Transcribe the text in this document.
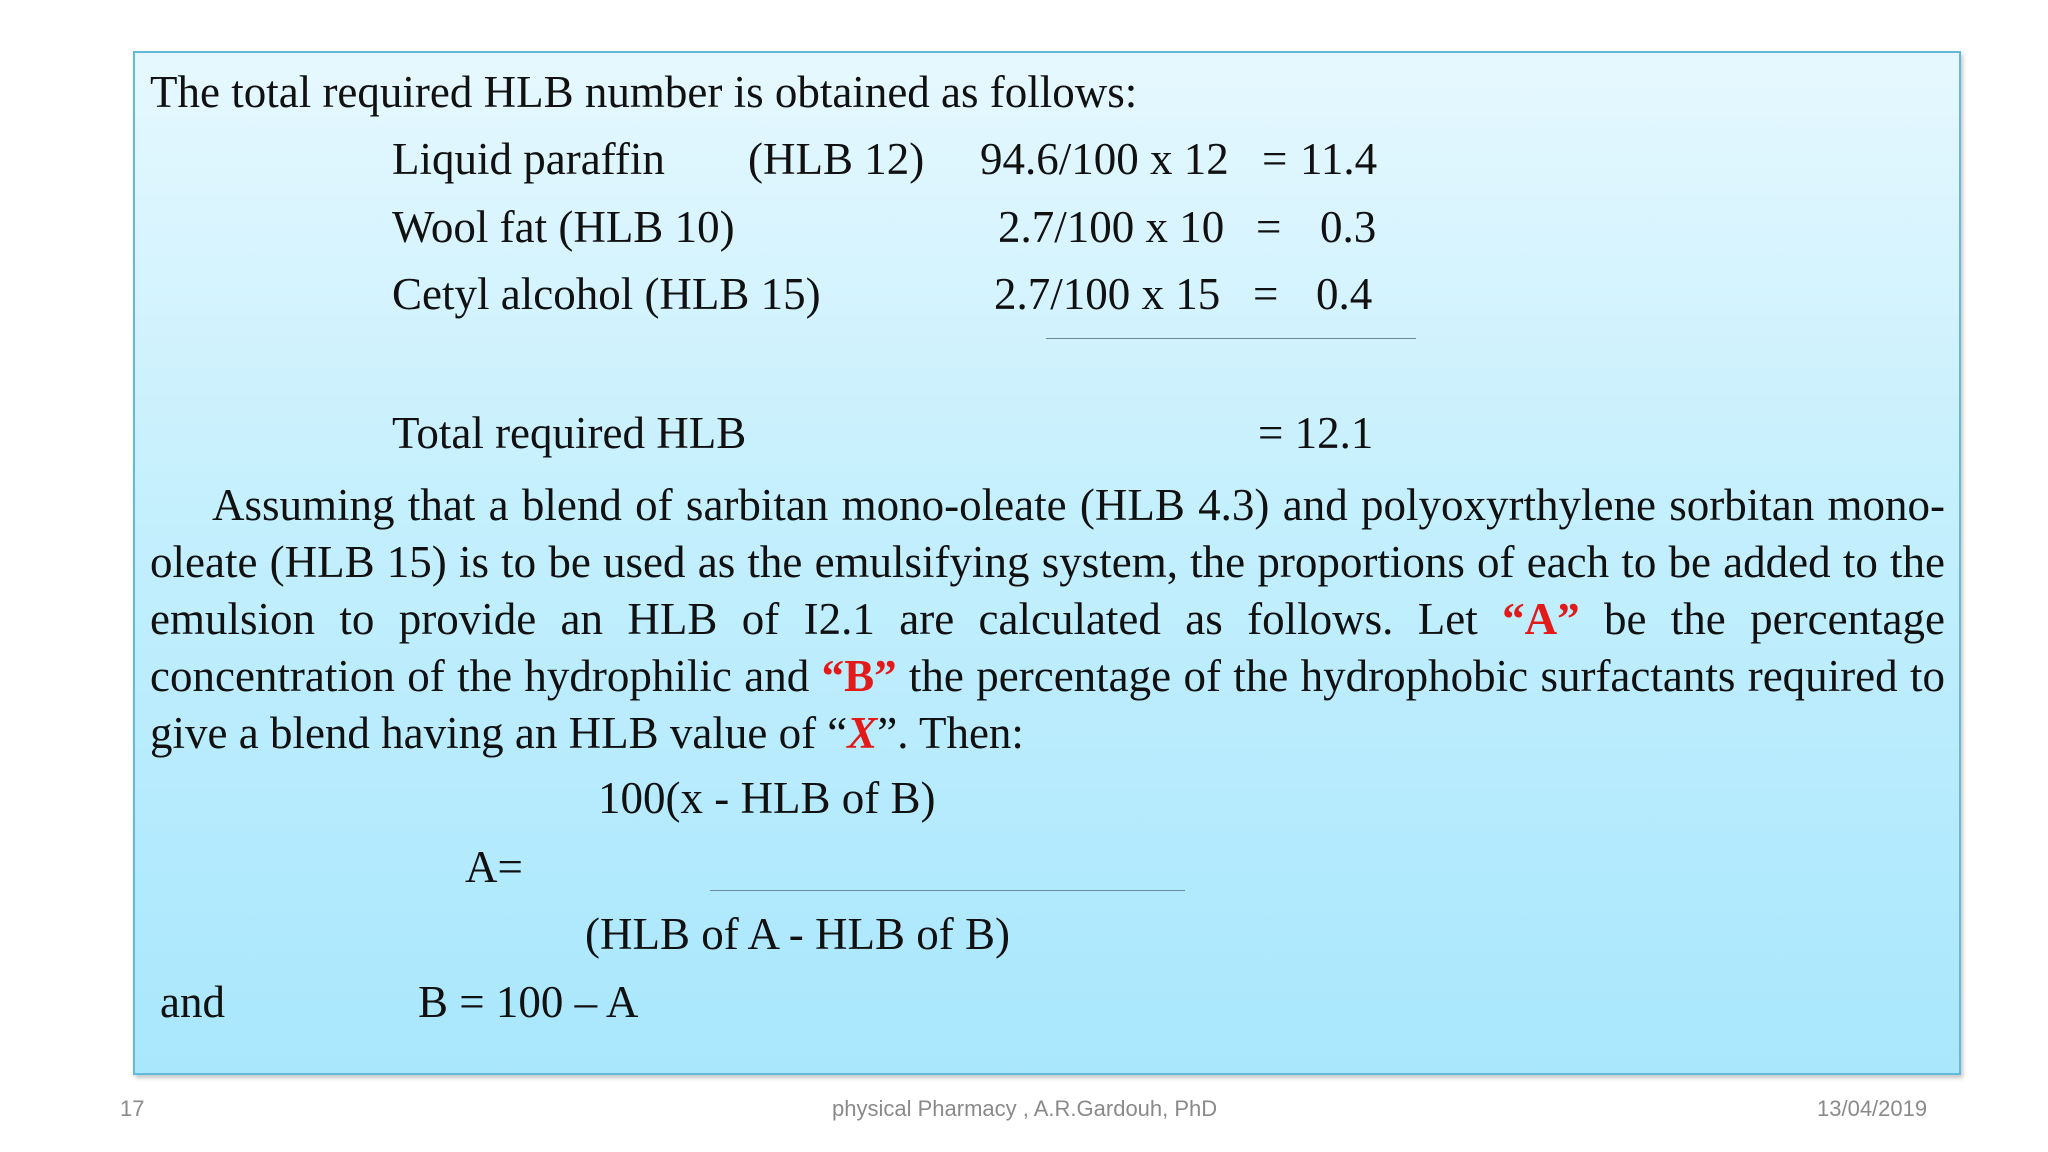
The total required HLB number is obtained as follows:
Liquid paraffin (HLB 12) 94.6/100 x 12 = 11.4
Wool fat (HLB 10)	2.7/100 x 10 = 0.3
Cetyl alcohol (HLB 15)	2.7/100 x 15 = 0.4
Total required HLB	= 12.1
Assuming that a blend of sarbitan mono-oleate (HLB 4.3) and polyoxyrthylene sorbitan mono-oleate (HLB 15) is to be used as the emulsifying system, the proportions of each to be added to the emulsion to provide an HLB of I2.1 are calculated as follows. Let “A” be the percentage concentration of the hydrophilic and “B” the percentage of the hydrophobic surfactants required to give a blend having an HLB value of “X”. Then:
100(x - HLB of B)
A=
(HLB of A - HLB of B)
and	B = 100 – A
17	physical Pharmacy , A.R.Gardouh, PhD	13/04/2019
